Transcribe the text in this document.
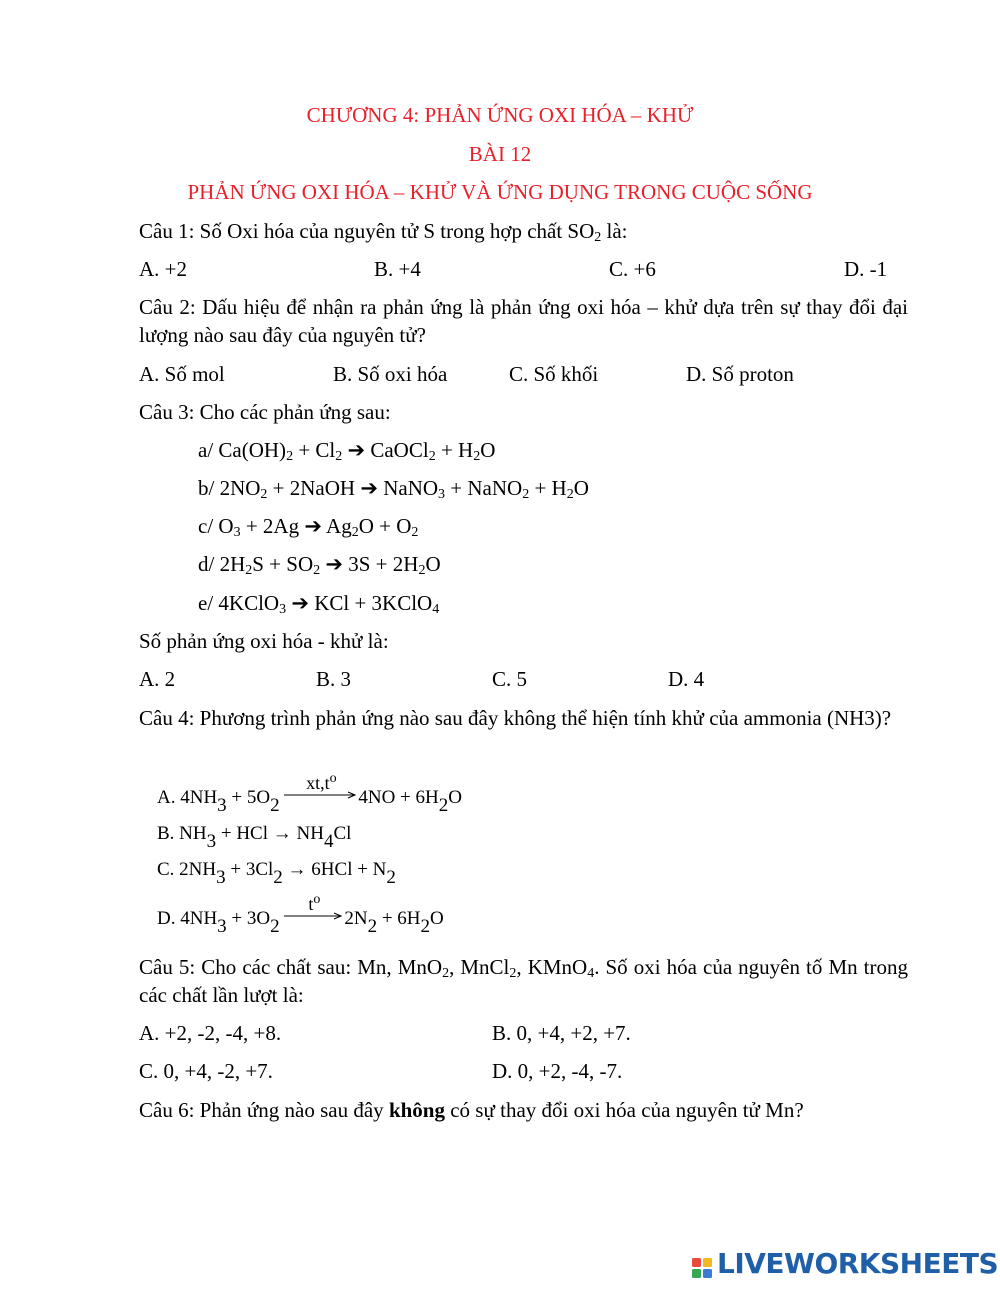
CHƯƠNG 4: PHẢN ỨNG OXI HÓA – KHỬ
BÀI 12
PHẢN ỨNG OXI HÓA – KHỬ VÀ ỨNG DỤNG TRONG CUỘC SỐNG
Câu 1: Số Oxi hóa của nguyên tử S trong hợp chất $SO_2$ là:
A. +2	B. +4	C. +6	D. -1
Câu 2: Dấu hiệu để nhận ra phản ứng là phản ứng oxi hóa – khử dựa trên sự thay đổi đại lượng nào sau đây của nguyên tử?
A. Số mol	B. Số oxi hóa	C. Số khối	D. Số proton
Câu 3: Cho các phản ứng sau:
a/ $Ca(OH)_2 + Cl_2$ ➔ CaOCl$_2$ + $H_2O$
b/ $2NO_2$ + 2NaOH ➔ NaNO$_3$ + NaNO$_2$ + $H_2O$
c/ $O_3 + 2Ag$ ➔ $Ag_2O + O_2$
d/ $2H_2S + SO_2$ ➔ $3S + 2H_2O$
e/ 4KClO$_3$ ➔ KCl + 3KClO$_4$
Số phản ứng oxi hóa - khử là:
A. 2	B. 3	C. 5	D. 4
Câu 4: Phương trình phản ứng nào sau đây không thể hiện tính khử của ammonia (NH3)?
A. $4NH_3 + 5O_2$
$xt,t^o$
$4NO + 6H_2O$
B. $NH_3$ + HCl → $NH_4Cl$
C. $2NH_3 + 3Cl_2 \to 6HCl + N_2$
D. $4NH_3 + 3O_2$
$t^o$
$2N_2 + 6H_2O$
Câu 5: Cho các chất sau: Mn, MnO$_2$, MnCl$_2$, KMnO$_4$. Số oxi hóa của nguyên tố Mn trong các chất lần lượt là:
A. +2, -2, -4, +8.	B. 0, +4, +2, +7.
C. 0, +4, -2, +7.	D. 0, +2, -4, -7.
Câu 6: Phản ứng nào sau đây không có sự thay đổi oxi hóa của nguyên tử Mn?
LIVEWORKSHEETS
